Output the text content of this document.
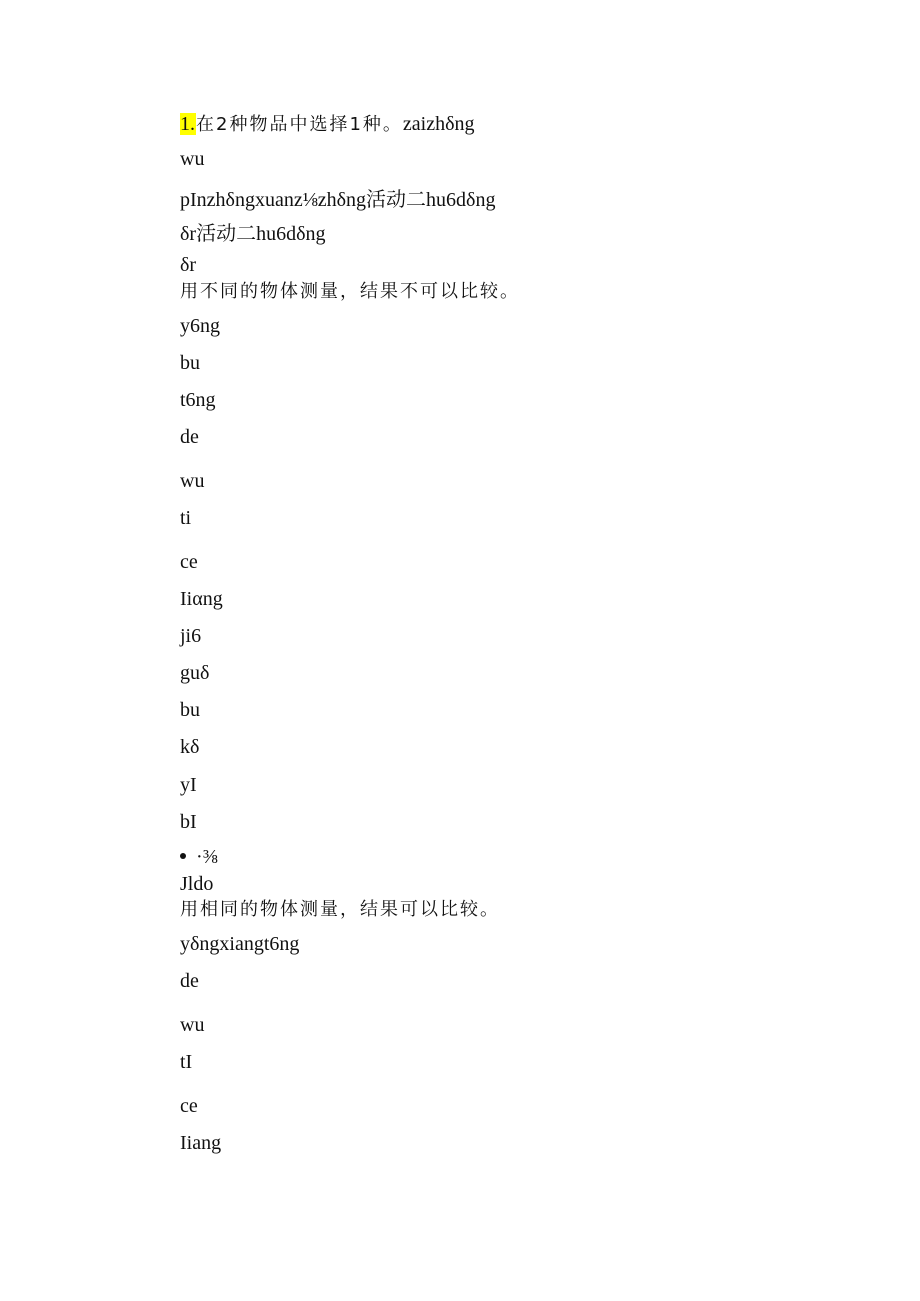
1.在2种物品中选择1种。zaizhδng
wu
pInzhδngxuanz⅛zhδng活动二hu6dδng
δr活动二hu6dδng
δr
用不同的物体测量，结果不可以比较。
y6ng
bu
t6ng
de
wu
ti
ce
Iiαng
ji6
guδ
bu
kδ
yI
bI
·⅜
Jldo
用相同的物体测量，结果可以比较。
yδngxiangt6ng
de
wu
tI
ce
Iiang
